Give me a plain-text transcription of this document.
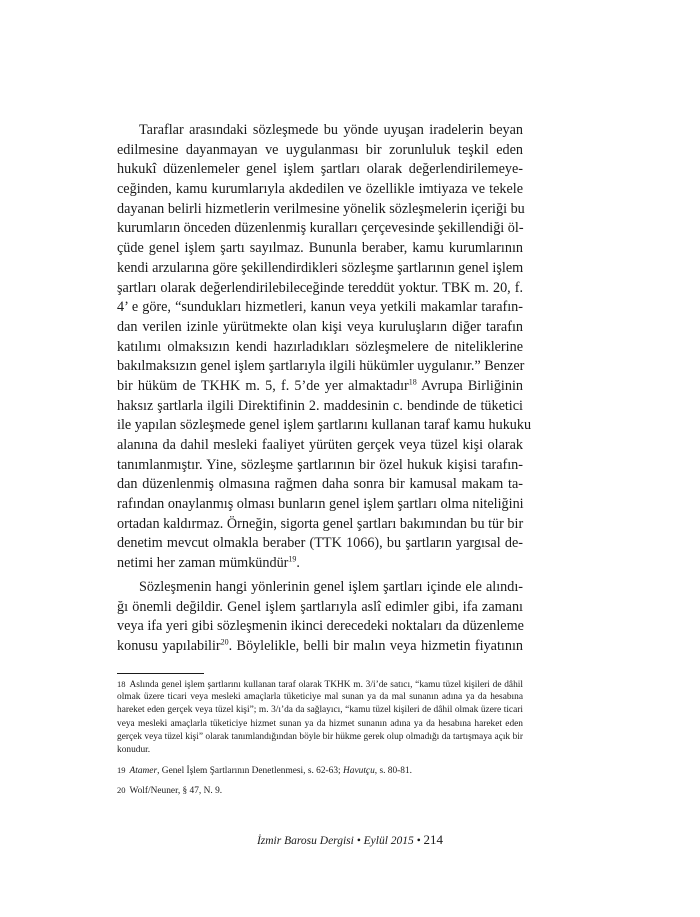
Taraflar arasındaki sözleşmede bu yönde uyuşan iradelerin beyan
edilmesine dayanmayan ve uygulanması bir zorunluluk teşkil eden
hukukî düzenlemeler genel işlem şartları olarak değerlendirilemeye-
ceğinden, kamu kurumlarıyla akdedilen ve özellikle imtiyaza ve tekele
dayanan belirli hizmetlerin verilmesine yönelik sözleşmelerin içeriği bu
kurumların önceden düzenlenmiş kuralları çerçevesinde şekillendiği öl-
çüde genel işlem şartı sayılmaz. Bununla beraber, kamu kurumlarının
kendi arzularına göre şekillendirdikleri sözleşme şartlarının genel işlem
şartları olarak değerlendirilebileceğinde tereddüt yoktur. TBK m. 20, f.
4’ e göre, “sundukları hizmetleri, kanun veya yetkili makamlar tarafın-
dan verilen izinle yürütmekte olan kişi veya kuruluşların diğer tarafın
katılımı olmaksızın kendi hazırladıkları sözleşmelere de niteliklerine
bakılmaksızın genel işlem şartlarıyla ilgili hükümler uygulanır.” Benzer
bir hüküm de TKHK m. 5, f. 5’de yer almaktadır$^{18}$ Avrupa Birliğinin
haksız şartlarla ilgili Direktifinin 2. maddesinin c. bendinde de tüketici
ile yapılan sözleşmede genel işlem şartlarını kullanan taraf kamu hukuku
alanına da dahil mesleki faaliyet yürüten gerçek veya tüzel kişi olarak
tanımlanmıştır. Yine, sözleşme şartlarının bir özel hukuk kişisi tarafın-
dan düzenlenmiş olmasına rağmen daha sonra bir kamusal makam ta-
rafından onaylanmış olması bunların genel işlem şartları olma niteliğini
ortadan kaldırmaz. Örneğin, sigorta genel şartları bakımından bu tür bir
denetim mevcut olmakla beraber (TTK 1066), bu şartların yargısal de-
netimi her zaman mümkündür$^{19}$.
Sözleşmenin hangi yönlerinin genel işlem şartları içinde ele alındı-
ğı önemli değildir. Genel işlem şartlarıyla aslî edimler gibi, ifa zamanı
veya ifa yeri gibi sözleşmenin ikinci derecedeki noktaları da düzenleme
konusu yapılabilir$^{20}$. Böylelikle, belli bir malın veya hizmetin fiyatının
18 Aslında genel işlem şartlarını kullanan taraf olarak TKHK m. 3/i’de satıcı, “kamu tüzel kişileri de dâhil
olmak üzere ticari veya mesleki amaçlarla tüketiciye mal sunan ya da mal sunanın adına ya da hesabına
hareket eden gerçek veya tüzel kişi”; m. 3/ı’da da sağlayıcı, “kamu tüzel kişileri de dâhil olmak üzere ticari
veya mesleki amaçlarla tüketiciye hizmet sunan ya da hizmet sunanın adına ya da hesabına hareket eden
gerçek veya tüzel kişi” olarak tanımlandığından böyle bir hükme gerek olup olmadığı da tartışmaya açık bir
konudur.
19 Atamer, Genel İşlem Şartlarının Denetlenmesi, s. 62-63; Havutçu, s. 80-81.
20 Wolf/Neuner, § 47, N. 9.
İzmir Barosu Dergisi • Eylül 2015 • 214
